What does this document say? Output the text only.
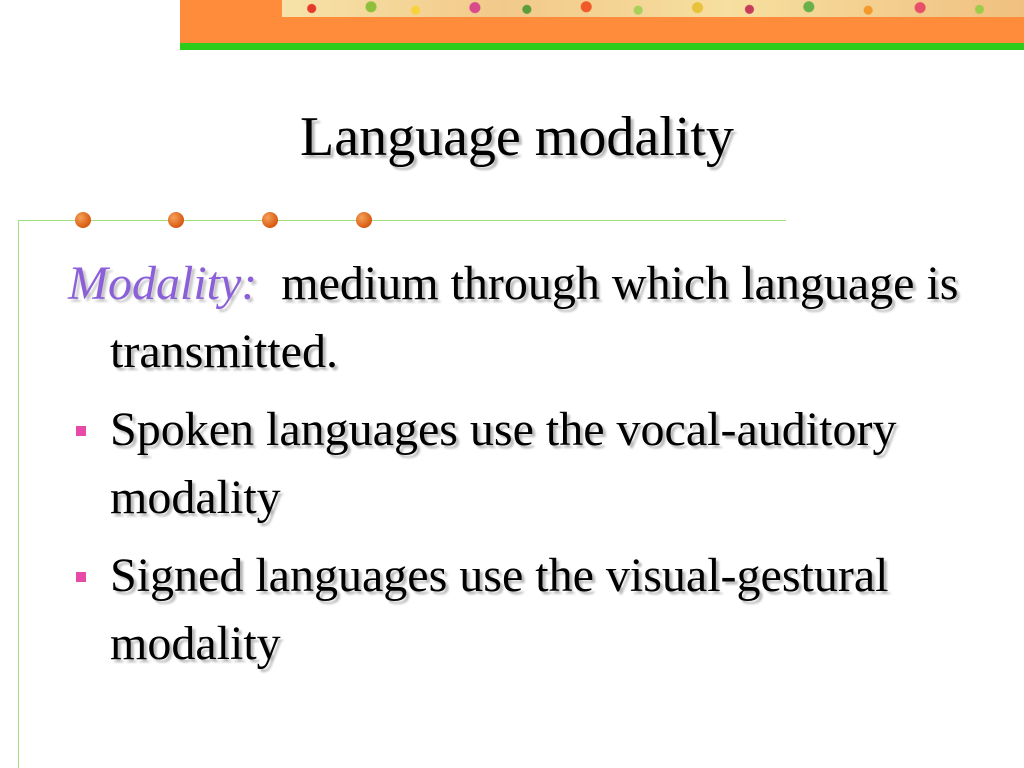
Language modality

Modality: medium through which language is transmitted.

Spoken languages use the vocal-auditory modality
Signed languages use the visual-gestural modality
